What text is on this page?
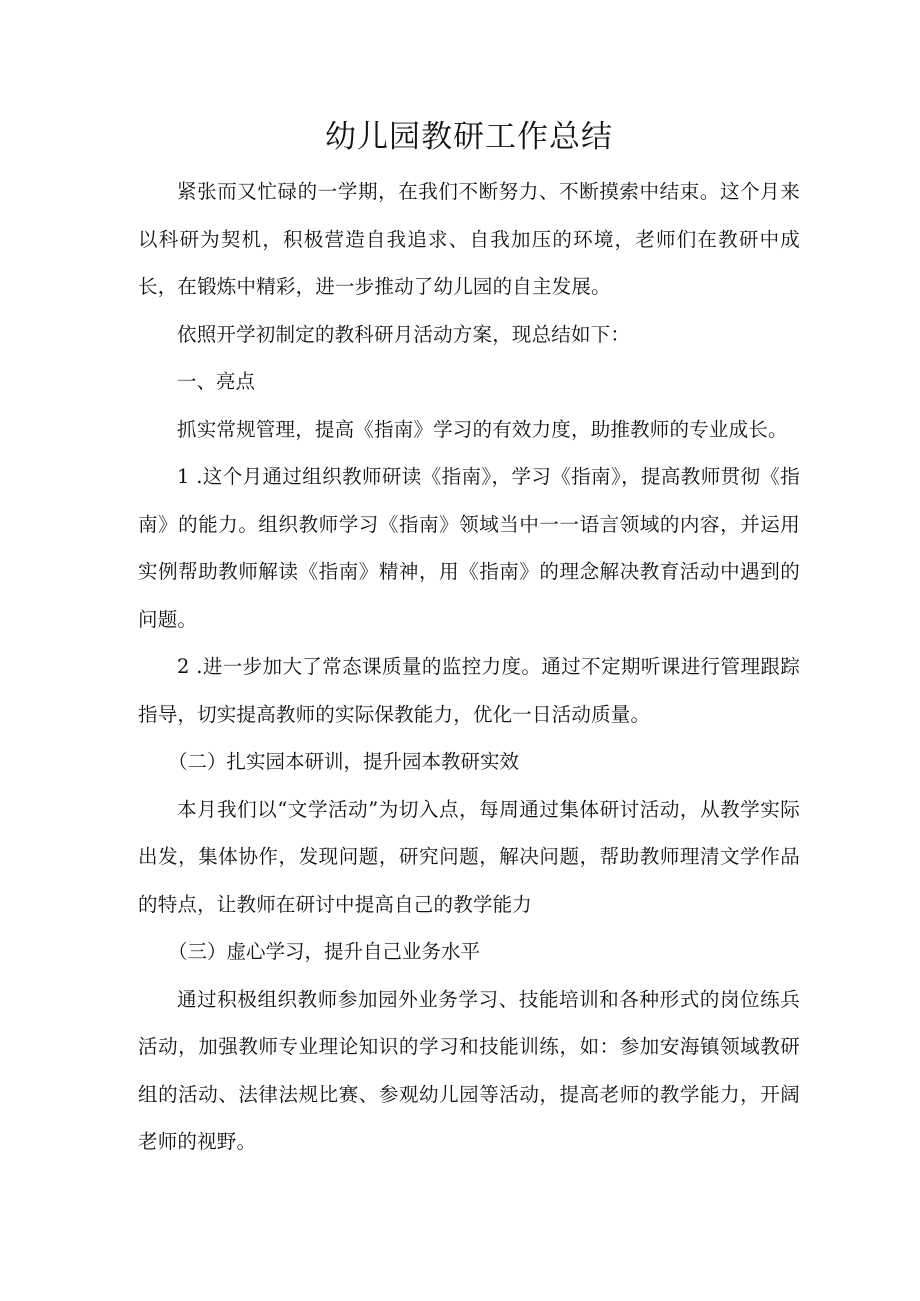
幼儿园教研工作总结

紧张而又忙碌的一学期，在我们不断努力、不断摸索中结束。这个月来以科研为契机，积极营造自我追求、自我加压的环境，老师们在教研中成长，在锻炼中精彩，进一步推动了幼儿园的自主发展。

依照开学初制定的教科研月活动方案，现总结如下：

一、亮点

抓实常规管理，提高《指南》学习的有效力度，助推教师的专业成长。

1 .这个月通过组织教师研读《指南》，学习《指南》，提高教师贯彻《指南》的能力。组织教师学习《指南》领域当中一一语言领域的内容，并运用实例帮助教师解读《指南》精神，用《指南》的理念解决教育活动中遇到的问题。

2 .进一步加大了常态课质量的监控力度。通过不定期听课进行管理跟踪指导，切实提高教师的实际保教能力，优化一日活动质量。

（二）扎实园本研训，提升园本教研实效

本月我们以“文学活动”为切入点，每周通过集体研讨活动，从教学实际出发，集体协作，发现问题，研究问题，解决问题，帮助教师理清文学作品的特点，让教师在研讨中提高自己的教学能力

（三）虚心学习，提升自己业务水平

通过积极组织教师参加园外业务学习、技能培训和各种形式的岗位练兵活动，加强教师专业理论知识的学习和技能训练，如：参加安海镇领域教研组的活动、法律法规比赛、参观幼儿园等活动，提高老师的教学能力，开阔老师的视野。
